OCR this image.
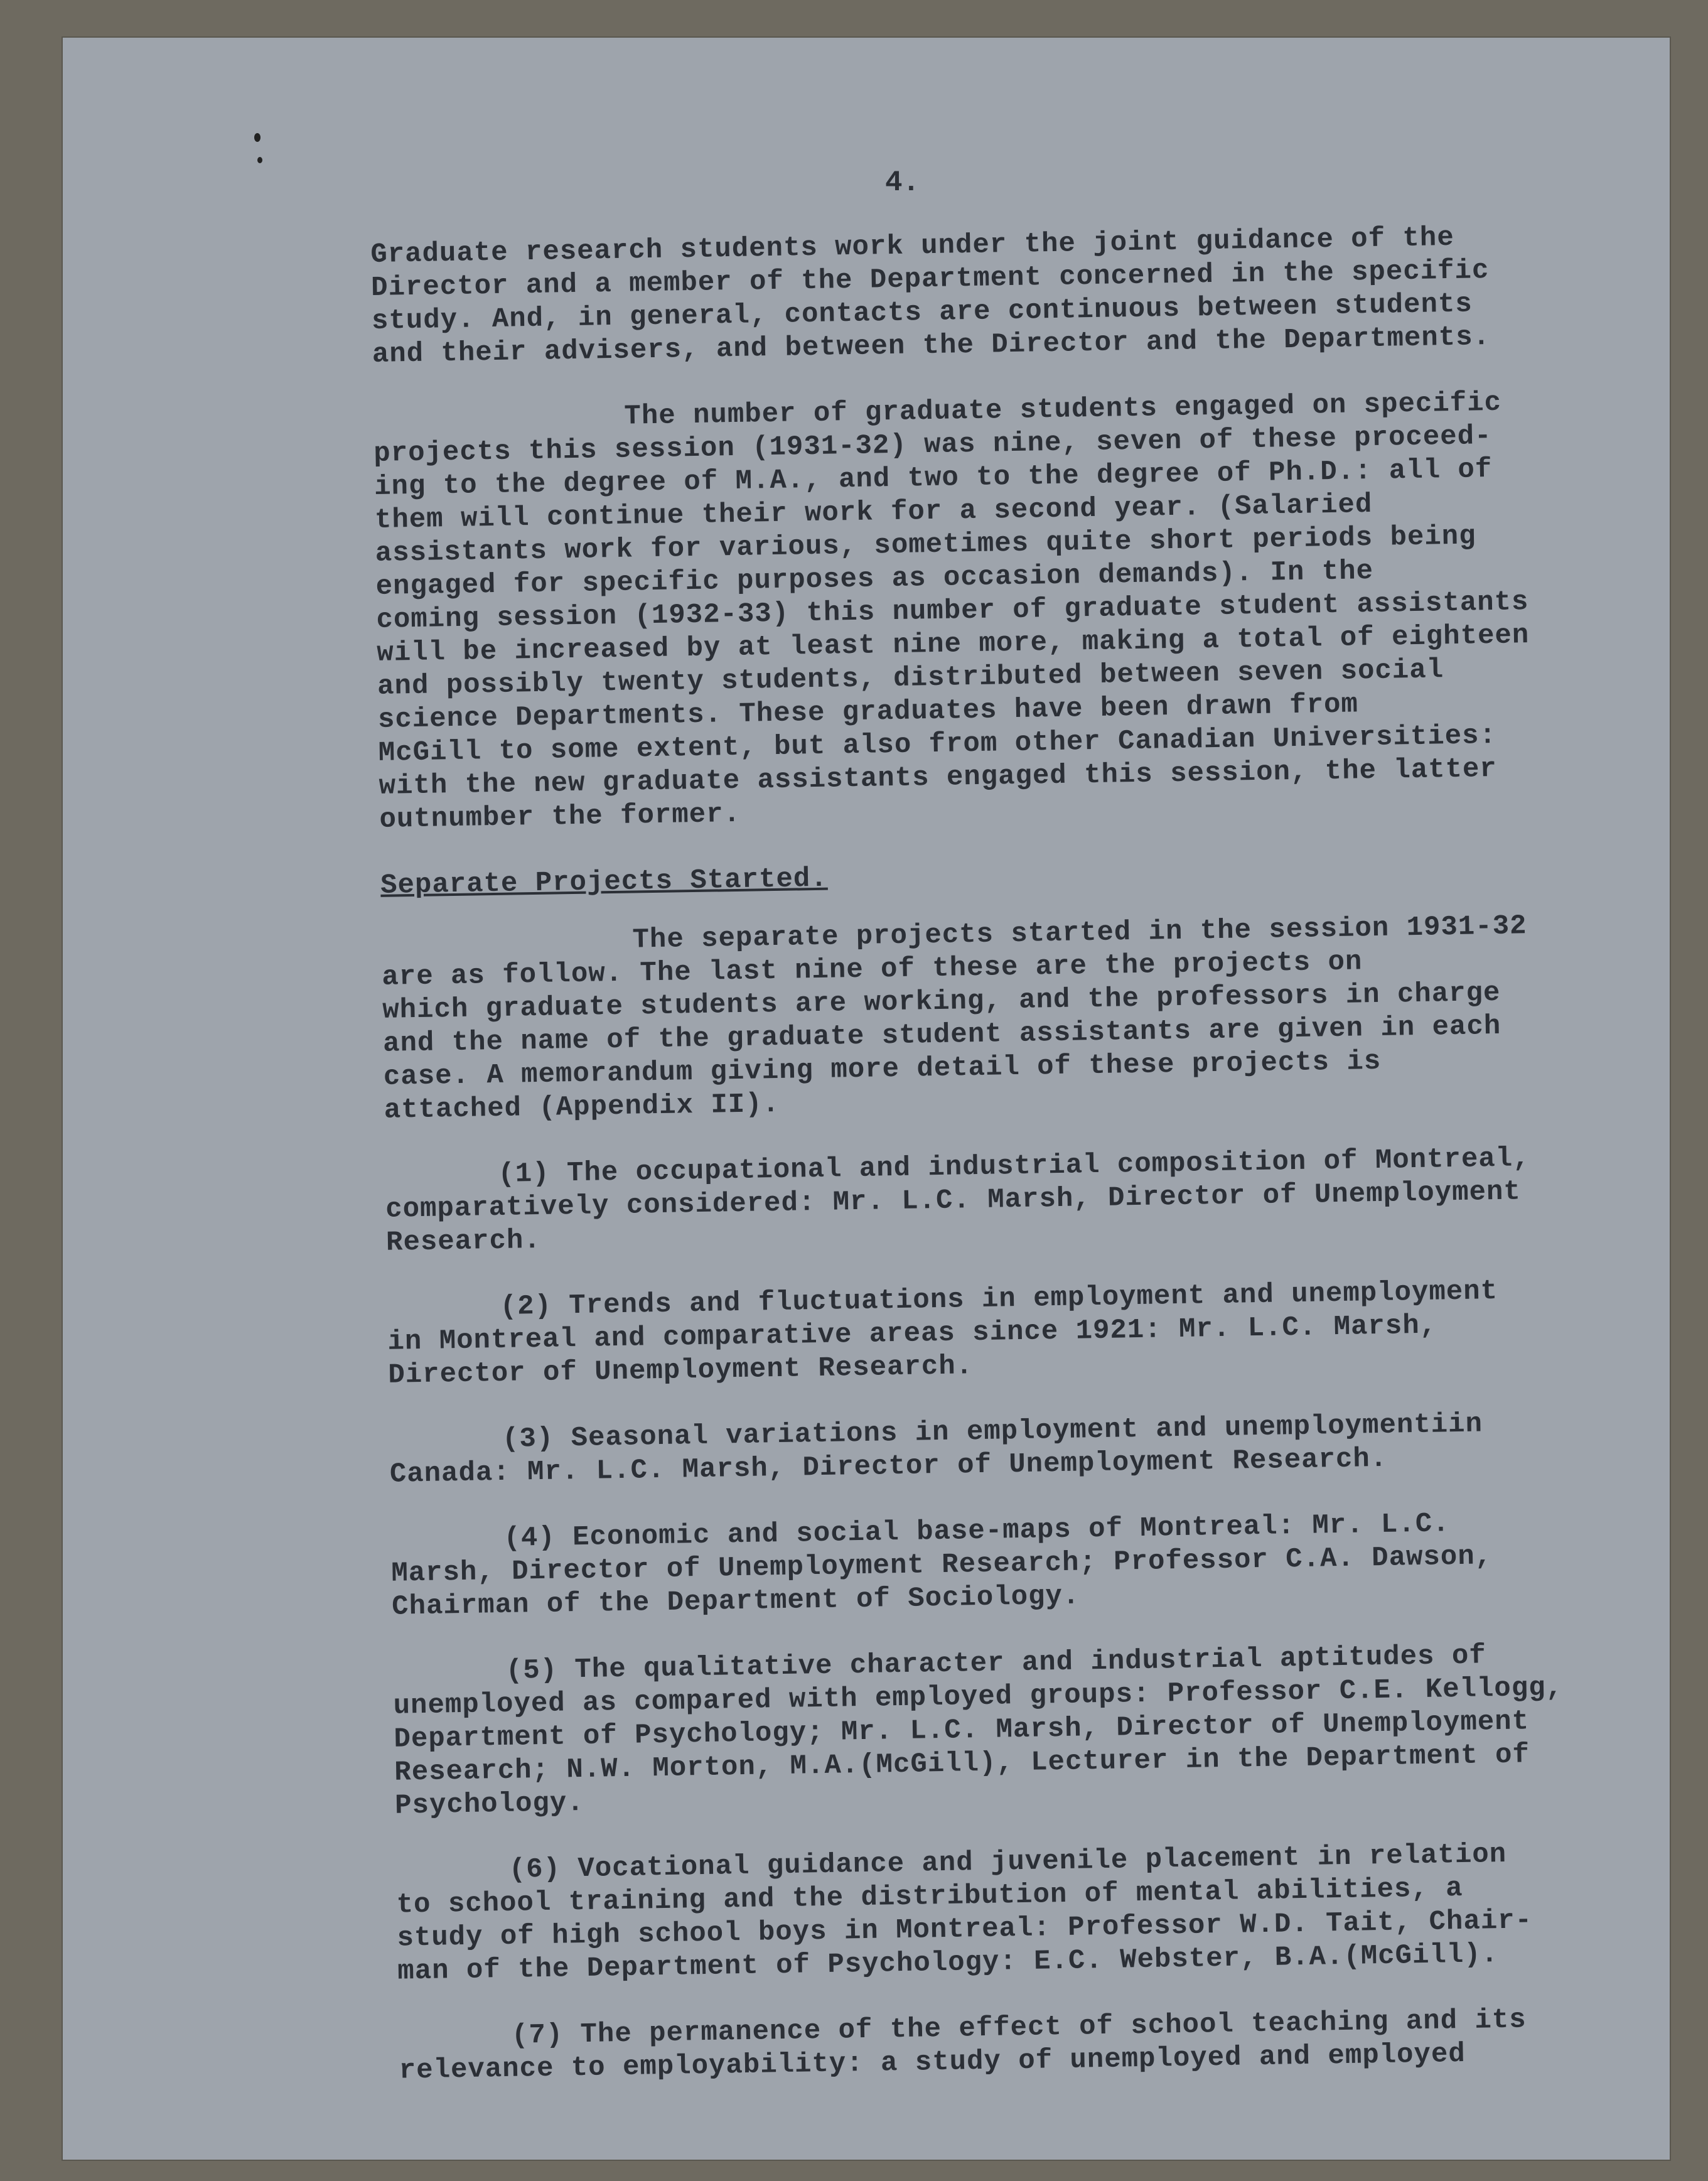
4.

Graduate research students work under the joint guidance of the
Director and a member of the Department concerned in the specific
study. And, in general, contacts are continuous between students
and their advisers, and between the Director and the Departments.

The number of graduate students engaged on specific
projects this session (1931-32) was nine, seven of these proceed-
ing to the degree of M.A., and two to the degree of Ph.D.: all of
them will continue their work for a second year. (Salaried
assistants work for various, sometimes quite short periods being
engaged for specific purposes as occasion demands). In the
coming session (1932-33) this number of graduate student assistants
will be increased by at least nine more, making a total of eighteen
and possibly twenty students, distributed between seven social
science Departments. These graduates have been drawn from
McGill to some extent, but also from other Canadian Universities:
with the new graduate assistants engaged this session, the latter
outnumber the former.

Separate Projects Started.

The separate projects started in the session 1931-32
are as follow. The last nine of these are the projects on
which graduate students are working, and the professors in charge
and the name of the graduate student assistants are given in each
case. A memorandum giving more detail of these projects is
attached (Appendix II).

(1) The occupational and industrial composition of Montreal,
comparatively considered: Mr. L.C. Marsh, Director of Unemployment
Research.

(2) Trends and fluctuations in employment and unemployment
in Montreal and comparative areas since 1921: Mr. L.C. Marsh,
Director of Unemployment Research.

(3) Seasonal variations in employment and unemploymentiin
Canada: Mr. L.C. Marsh, Director of Unemployment Research.

(4) Economic and social base-maps of Montreal: Mr. L.C.
Marsh, Director of Unemployment Research; Professor C.A. Dawson,
Chairman of the Department of Sociology.

(5) The qualitative character and industrial aptitudes of
unemployed as compared with employed groups: Professor C.E. Kellogg,
Department of Psychology; Mr. L.C. Marsh, Director of Unemployment
Research; N.W. Morton, M.A.(McGill), Lecturer in the Department of
Psychology.

(6) Vocational guidance and juvenile placement in relation
to school training and the distribution of mental abilities, a
study of high school boys in Montreal: Professor W.D. Tait, Chair-
man of the Department of Psychology: E.C. Webster, B.A.(McGill).

(7) The permanence of the effect of school teaching and its
relevance to employability: a study of unemployed and employed
